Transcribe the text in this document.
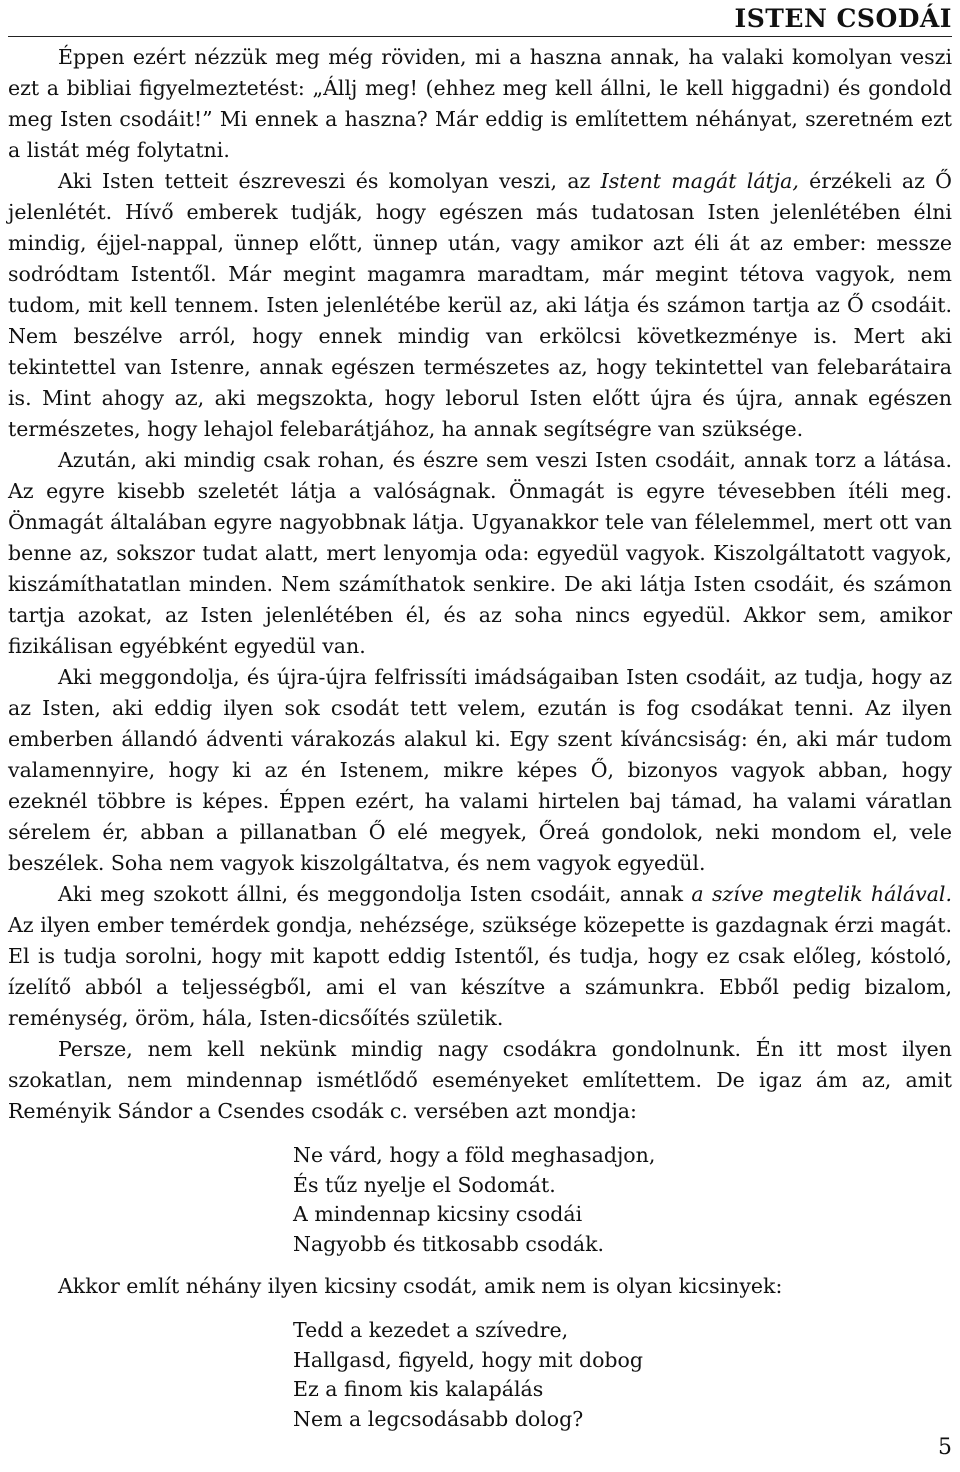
ISTEN CSODÁI

Éppen ezért nézzük meg még röviden, mi a haszna annak, ha valaki komolyan veszi ezt a bibliai figyelmeztetést: „Állj meg! (ehhez meg kell állni, le kell higgadni) és gondold meg Isten csodáit!” Mi ennek a haszna? Már eddig is említettem néhányat, szeretném ezt a listát még folytatni.

Aki Isten tetteit észreveszi és komolyan veszi, az Istent magát látja, érzékeli az Ő jelenlétét. Hívő emberek tudják, hogy egészen más tudatosan Isten jelenlétében élni mindig, éjjel-nappal, ünnep előtt, ünnep után, vagy amikor azt éli át az ember: messze sodródtam Istentől. Már megint magamra maradtam, már megint tétova vagyok, nem tudom, mit kell tennem. Isten jelenlétébe kerül az, aki látja és számon tartja az Ő csodáit. Nem beszélve arról, hogy ennek mindig van erkölcsi következménye is. Mert aki tekintettel van Istenre, annak egészen természetes az, hogy tekintettel van felebarátaira is. Mint ahogy az, aki megszokta, hogy leborul Isten előtt újra és újra, annak egészen természetes, hogy lehajol felebarátjához, ha annak segítségre van szüksége.

Azután, aki mindig csak rohan, és észre sem veszi Isten csodáit, annak torz a látása. Az egyre kisebb szeletét látja a valóságnak. Önmagát is egyre tévesebben ítéli meg. Önmagát általában egyre nagyobbnak látja. Ugyanakkor tele van félelemmel, mert ott van benne az, sokszor tudat alatt, mert lenyomja oda: egyedül vagyok. Kiszolgáltatott vagyok, kiszámíthatatlan minden. Nem számíthatok senkire. De aki látja Isten csodáit, és számon tartja azokat, az Isten jelenlétében él, és az soha nincs egyedül. Akkor sem, amikor fizikálisan egyébként egyedül van.

Aki meggondolja, és újra-újra felfrissíti imádságaiban Isten csodáit, az tudja, hogy az az Isten, aki eddig ilyen sok csodát tett velem, ezután is fog csodákat tenni. Az ilyen emberben állandó ádventi várakozás alakul ki. Egy szent kíváncsiság: én, aki már tudom valamennyire, hogy ki az én Istenem, mikre képes Ő, bizonyos vagyok abban, hogy ezeknél többre is képes. Éppen ezért, ha valami hirtelen baj támad, ha valami váratlan sérelem ér, abban a pillanatban Ő elé megyek, Őreá gondolok, neki mondom el, vele beszélek. Soha nem vagyok kiszolgáltatva, és nem vagyok egyedül.

Aki meg szokott állni, és meggondolja Isten csodáit, annak a szíve megtelik hálával. Az ilyen ember temérdek gondja, nehézsége, szüksége közepette is gazdagnak érzi magát. El is tudja sorolni, hogy mit kapott eddig Istentől, és tudja, hogy ez csak előleg, kóstoló, ízelítő abból a teljességből, ami el van készítve a számunkra. Ebből pedig bizalom, reménység, öröm, hála, Isten-dicsőítés születik.

Persze, nem kell nekünk mindig nagy csodákra gondolnunk. Én itt most ilyen szokatlan, nem mindennap ismétlődő eseményeket említettem. De igaz ám az, amit Reményik Sándor a Csendes csodák c. versében azt mondja:

Ne várd, hogy a föld meghasadjon,
És tűz nyelje el Sodomát.
A mindennap kicsiny csodái
Nagyobb és titkosabb csodák.

Akkor említ néhány ilyen kicsiny csodát, amik nem is olyan kicsinyek:

Tedd a kezedet a szívedre,
Hallgasd, figyeld, hogy mit dobog
Ez a finom kis kalapálás
Nem a legcsodásabb dolog?
5
